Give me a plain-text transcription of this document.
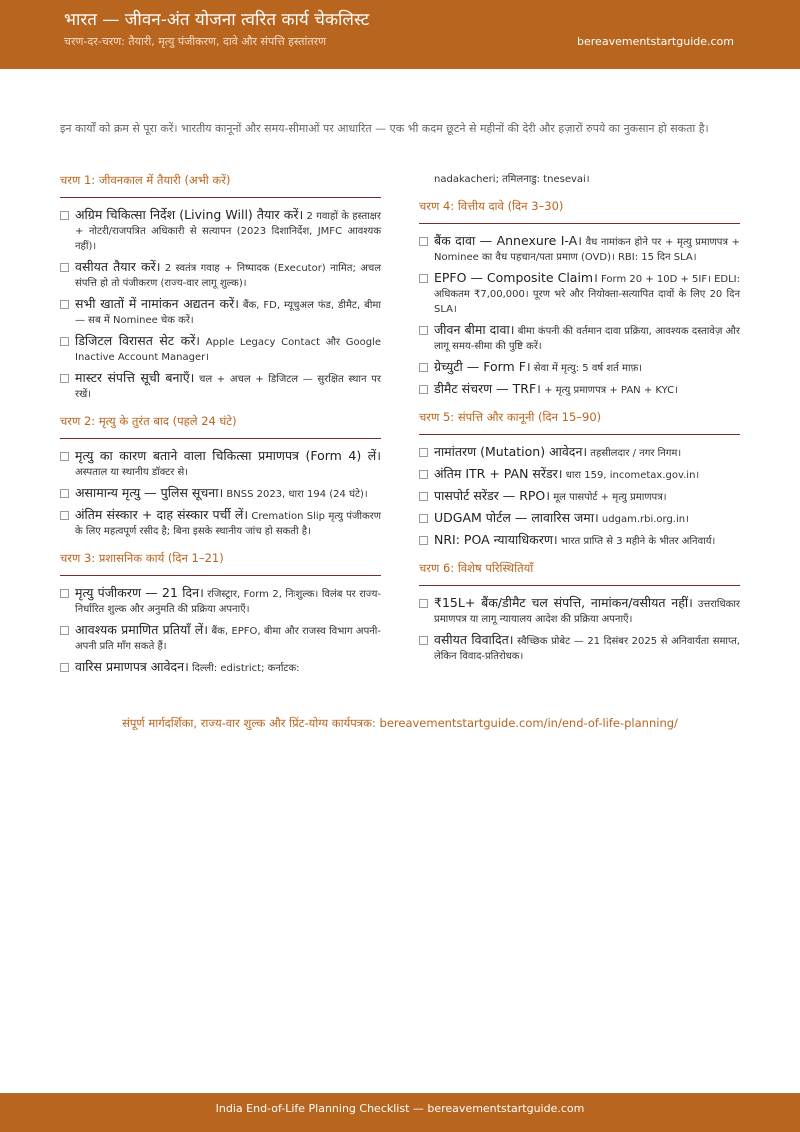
भारत — जीवन-अंत योजना त्वरित कार्य चेकलिस्ट
चरण-दर-चरण: तैयारी, मृत्यु पंजीकरण, दावे और संपत्ति हस्तांतरण	bereavementstartguide.com
इन कार्यों को क्रम से पूरा करें। भारतीय कानूनों और समय-सीमाओं पर आधारित — एक भी कदम छूटने से महीनों की देरी और हज़ारों रुपये का नुकसान हो सकता है।
चरण 1: जीवनकाल में तैयारी (अभी करें)
अग्रिम चिकित्सा निर्देश (Living Will) तैयार करें। 2 गवाहों के हस्ताक्षर + नोटरी/राजपत्रित अधिकारी से सत्यापन (2023 दिशानिर्देश, JMFC आवश्यक नहीं)।
वसीयत तैयार करें। 2 स्वतंत्र गवाह + निष्पादक (Executor) नामित; अचल संपत्ति हो तो पंजीकरण (राज्य-वार लागू शुल्क)।
सभी खातों में नामांकन अद्यतन करें। बैंक, FD, म्यूचुअल फंड, डीमैट, बीमा — सब में Nominee चेक करें।
डिजिटल विरासत सेट करें। Apple Legacy Contact और Google Inactive Account Manager।
मास्टर संपत्ति सूची बनाएँ। चल + अचल + डिजिटल — सुरक्षित स्थान पर रखें।
चरण 2: मृत्यु के तुरंत बाद (पहले 24 घंटे)
मृत्यु का कारण बताने वाला चिकित्सा प्रमाणपत्र (Form 4) लें। अस्पताल या स्थानीय डॉक्टर से।
असामान्य मृत्यु — पुलिस सूचना। BNSS 2023, धारा 194 (24 घंटे)।
अंतिम संस्कार + दाह संस्कार पर्ची लें। Cremation Slip मृत्यु पंजीकरण के लिए महत्वपूर्ण रसीद है; बिना इसके स्थानीय जांच हो सकती है।
चरण 3: प्रशासनिक कार्य (दिन 1–21)
मृत्यु पंजीकरण — 21 दिन। रजिस्ट्रार, Form 2, निःशुल्क। विलंब पर राज्य-निर्धारित शुल्क और अनुमति की प्रक्रिया अपनाएँ।
आवश्यक प्रमाणित प्रतियाँ लें। बैंक, EPFO, बीमा और राजस्व विभाग अपनी-अपनी प्रति माँग सकते हैं।
वारिस प्रमाणपत्र आवेदन। दिल्ली: edistrict; कर्नाटक:
nadakacheri; तमिलनाडु: tnesevai।
चरण 4: वित्तीय दावे (दिन 3–30)
बैंक दावा — Annexure I-A। वैध नामांकन होने पर + मृत्यु प्रमाणपत्र + Nominee का वैध पहचान/पता प्रमाण (OVD)। RBI: 15 दिन SLA।
EPFO — Composite Claim। Form 20 + 10D + 5IF। EDLI: अधिकतम ₹7,00,000। पूरण भरे और नियोक्ता-सत्यापित दावों के लिए 20 दिन SLA।
जीवन बीमा दावा। बीमा कंपनी की वर्तमान दावा प्रक्रिया, आवश्यक दस्तावेज़ और लागू समय-सीमा की पुष्टि करें।
ग्रेच्युटी — Form F। सेवा में मृत्यु: 5 वर्ष शर्त माफ़।
डीमैट संचरण — TRF। + मृत्यु प्रमाणपत्र + PAN + KYC।
चरण 5: संपत्ति और कानूनी (दिन 15–90)
नामांतरण (Mutation) आवेदन। तहसीलदार / नगर निगम।
अंतिम ITR + PAN सरेंडर। धारा 159, incometax.gov.in।
पासपोर्ट सरेंडर — RPO। मूल पासपोर्ट + मृत्यु प्रमाणपत्र।
UDGAM पोर्टल — लावारिस जमा। udgam.rbi.org.in।
NRI: POA न्यायाधिकरण। भारत प्राप्ति से 3 महीने के भीतर अनिवार्य।
चरण 6: विशेष परिस्थितियाँ
₹15L+ बैंक/डीमैट चल संपत्ति, नामांकन/वसीयत नहीं। उत्तराधिकार प्रमाणपत्र या लागू न्यायालय आदेश की प्रक्रिया अपनाएँ।
वसीयत विवादित। स्वैच्छिक प्रोबेट — 21 दिसंबर 2025 से अनिवार्यता समाप्त, लेकिन विवाद-प्रतिरोधक।
संपूर्ण मार्गदर्शिका, राज्य-वार शुल्क और प्रिंट-योग्य कार्यपत्रक: bereavementstartguide.com/in/end-of-life-planning/
India End-of-Life Planning Checklist — bereavementstartguide.com
